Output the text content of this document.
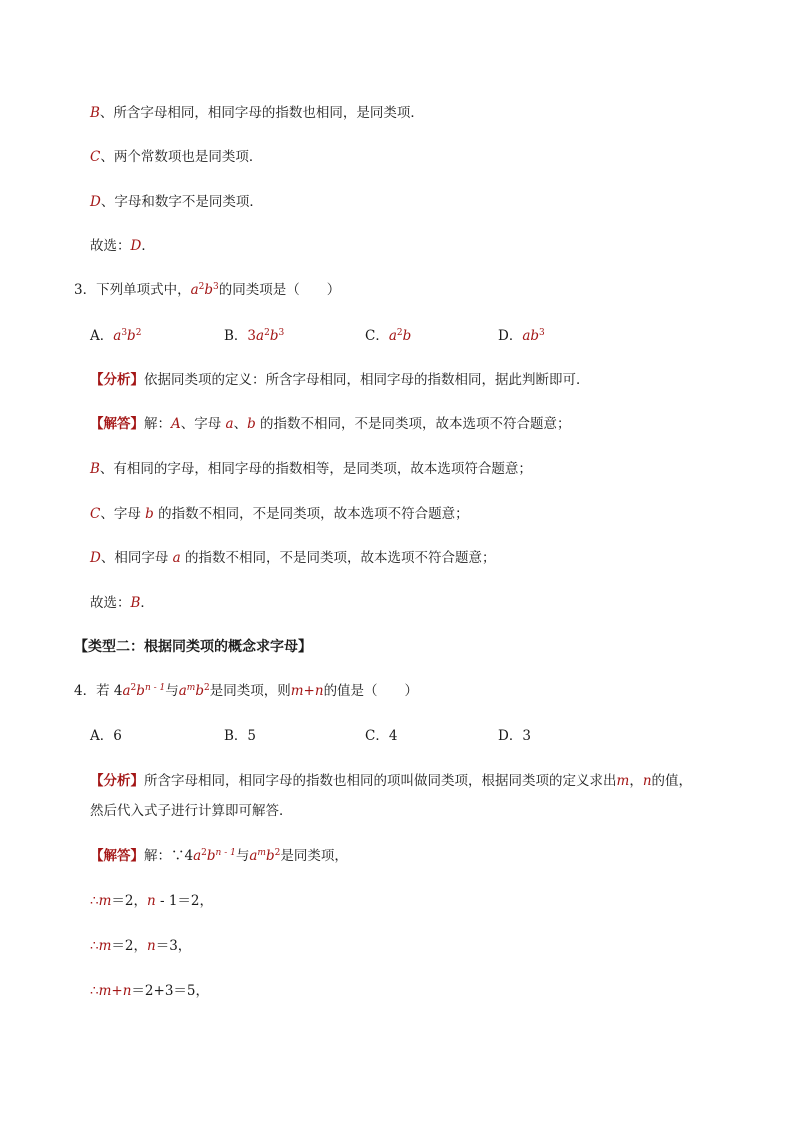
B、所含字母相同，相同字母的指数也相同，是同类项．
C、两个常数项也是同类项．
D、字母和数字不是同类项．
故选：D．
3．下列单项式中，$a^2b^3$的同类项是（　　）
A．$a^3b^2$	B．$3a^2b^3$	C．$a^2b$	D．$ab^3$
【分析】依据同类项的定义：所含字母相同，相同字母的指数相同，据此判断即可．
【解答】解：A、字母 a、b 的指数不相同，不是同类项，故本选项不符合题意；
B、有相同的字母，相同字母的指数相等，是同类项，故本选项符合题意；
C、字母 b 的指数不相同，不是同类项，故本选项不符合题意；
D、相同字母 a 的指数不相同，不是同类项，故本选项不符合题意；
故选：B．
【类型二：根据同类项的概念求字母】
4．若 $4a^2b^{n - 1}$与$a^mb^2$是同类项，则m+n的值是（　　）
A．6	B．5	C．4	D．3
【分析】所含字母相同，相同字母的指数也相同的项叫做同类项，根据同类项的定义求出m，n的值，
然后代入式子进行计算即可解答．
【解答】解：$\because 4a^2b^{n - 1}$与$a^mb^2$是同类项，
∴m＝2，n - 1＝2，
∴m＝2，n＝3，
∴m+n＝2+3＝5，
